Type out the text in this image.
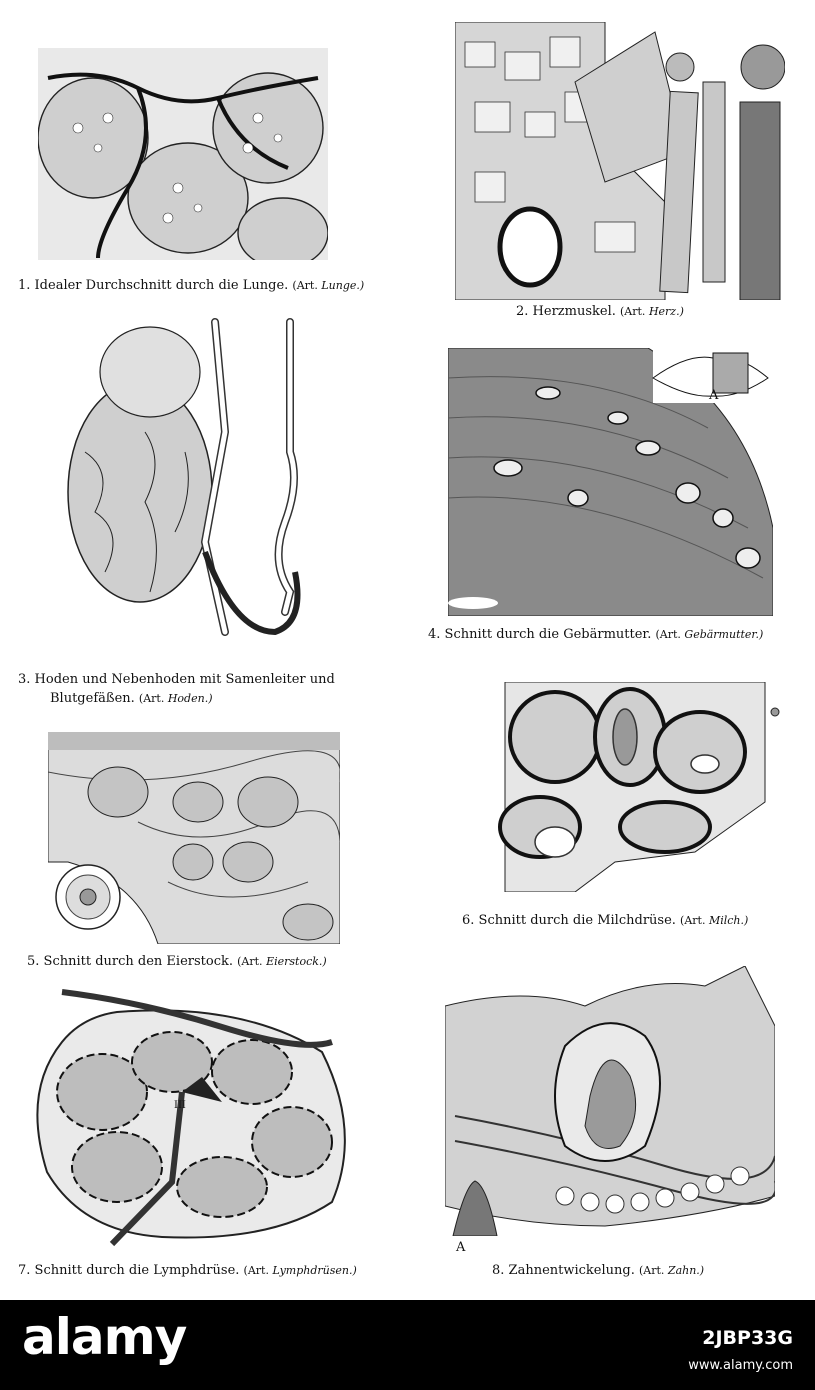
1. Idealer Durchschnitt durch die Lunge. (Art. Lunge.)
2. Herzmuskel. (Art. Herz.)
3. Hoden und Nebenhoden mit Samenleiter und
Blutgefäßen. (Art. Hoden.)
A
4. Schnitt durch die Gebärmutter. (Art. Gebärmutter.)
5. Schnitt durch den Eierstock. (Art. Eierstock.)
6. Schnitt durch die Milchdrüse. (Art. Milch.)
III
7. Schnitt durch die Lymphdrüse. (Art. Lymphdrüsen.)
A
8. Zahnentwickelung. (Art. Zahn.)
alamy	2JBP33G
www.alamy.com
